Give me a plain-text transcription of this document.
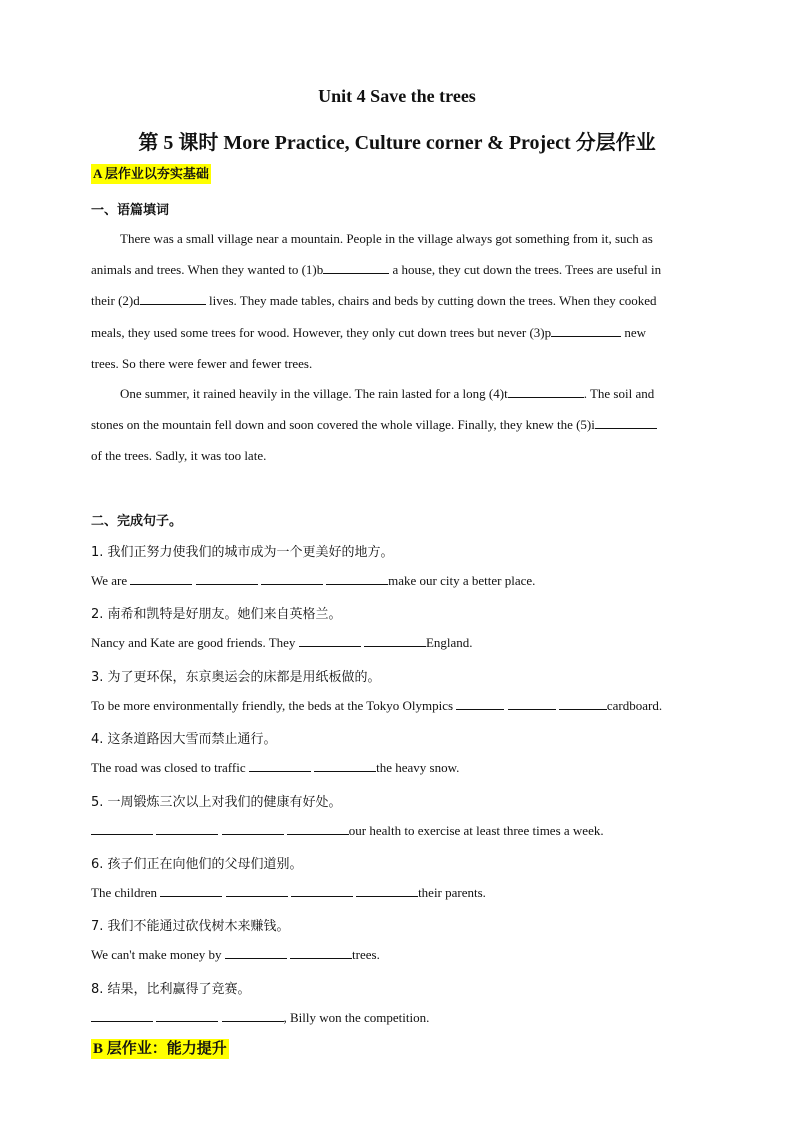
Unit 4 Save the trees
第 5 课时 More Practice, Culture corner & Project 分层作业
A 层作业以夯实基础
一、语篇填词

There was a small village near a mountain. People in the village always got something from it, such as
animals and trees. When they wanted to (1)b	a house, they cut down the trees. Trees are useful in
their (2)d	lives. They made tables, chairs and beds by cutting down the trees. When they cooked
meals, they used some trees for wood. However, they only cut down trees but never (3)p	new
trees. So there were fewer and fewer trees.

One summer, it rained heavily in the village. The rain lasted for a long (4)t	. The soil and
stones on the mountain fell down and soon covered the whole village. Finally, they knew the (5)i
of the trees. Sadly, it was too late.

二、完成句子。
1. 我们正努力使我们的城市成为一个更美好的地方。
We are	make our city a better place.
2. 南希和凯特是好朋友。她们来自英格兰。
Nancy and Kate are good friends. They	England.
3. 为了更环保，东京奥运会的床都是用纸板做的。
To be more environmentally friendly, the beds at the Tokyo Olympics	cardboard.
4. 这条道路因大雪而禁止通行。
The road was closed to traffic	the heavy snow.
5. 一周锻炼三次以上对我们的健康有好处。
our health to exercise at least three times a week.
6. 孩子们正在向他们的父母们道别。
The children	their parents.
7. 我们不能通过砍伐树木来赚钱。
We can't make money by	trees.
8. 结果，比利赢得了竞赛。
, Billy won the competition.
B 层作业：能力提升
